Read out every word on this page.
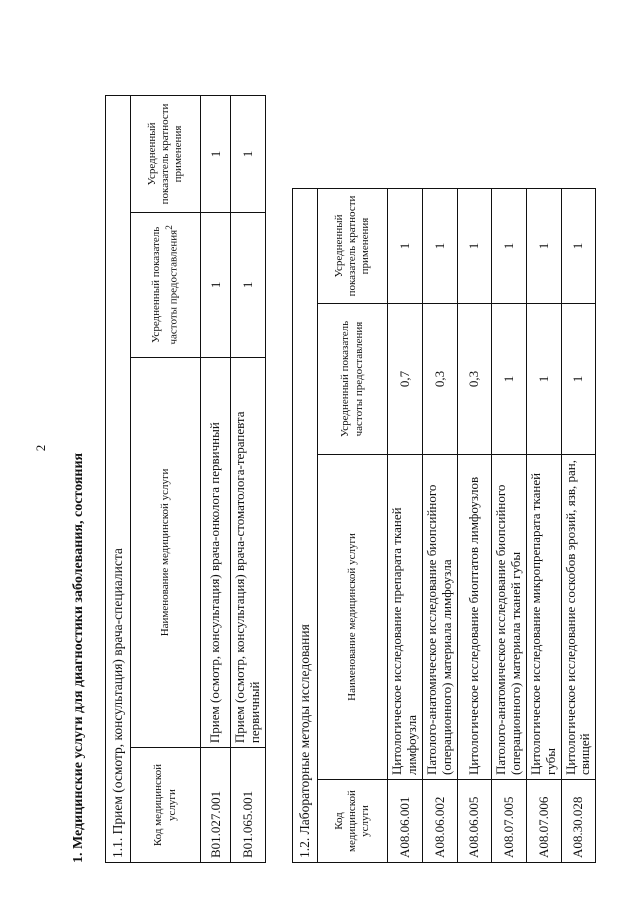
2
1. Медицинские услуги для диагностики заболевания, состояния 1.1. Прием (осмотр, консультация) врача-специалиста			
Код медицинской услуги	Наименование медицинской услуги	Усредненный показатель частоты предоставления$^2$	Усредненный показатель кратности применения
B01.027.001	Прием (осмотр, консультация) врача-онколога первичный	1	1
B01.065.001	Прием (осмотр, консультация) врача-стоматолога-терапевта первичный	1	1
1.2. Лабораторные методы исследования			
Код медицинской услуги	Наименование медицинской услуги	Усредненный показатель частоты предоставления	Усредненный показатель кратности применения
A08.06.001	Цитологическое исследование препарата тканей лимфоузла	0,7	1
A08.06.002	Патолого-анатомическое исследование биопсийного (операционного) материала лимфоузла	0,3	1
A08.06.005	Цитологическое исследование биоптатов лимфоузлов	0,3	1
A08.07.005	Патолого-анатомическое исследование биопсийного (операционного) материала тканей губы	1	1
A08.07.006	Цитологическое исследование микропрепарата тканей губы	1	1
A08.30.028	Цитологическое исследование соскобов эрозий, язв, ран, свищей	1	1
